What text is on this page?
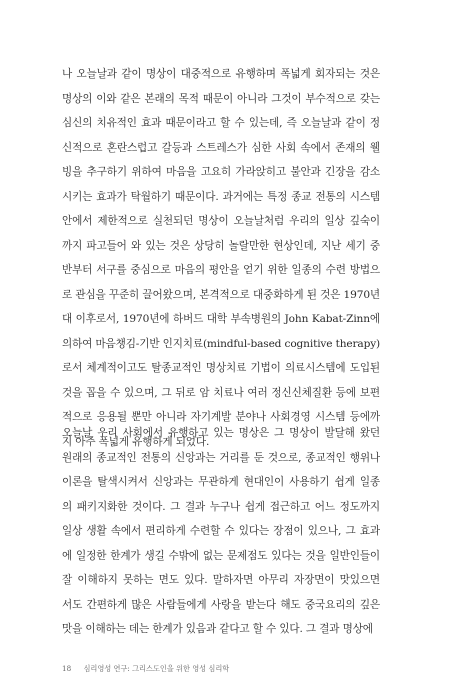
나 오늘날과 같이 명상이 대중적으로 유행하며 폭넓게 회자되는 것은
명상의 이와 같은 본래의 목적 때문이 아니라 그것이 부수적으로 갖는
심신의 치유적인 효과 때문이라고 할 수 있는데, 즉 오늘날과 같이 정
신적으로 혼란스럽고 갈등과 스트레스가 심한 사회 속에서 존재의 웰
빙을 추구하기 위하여 마음을 고요히 가라앉히고 불안과 긴장을 감소
시키는 효과가 탁월하기 때문이다. 과거에는 특정 종교 전통의 시스템
안에서 제한적으로 실천되던 명상이 오늘날처럼 우리의 일상 깊숙이
까지 파고들어 와 있는 것은 상당히 놀랄만한 현상인데, 지난 세기 중
반부터 서구를 중심으로 마음의 평안을 얻기 위한 일종의 수련 방법으
로 관심을 꾸준히 끌어왔으며, 본격적으로 대중화하게 된 것은 1970년
대 이후로서, 1970년에 하버드 대학 부속병원의 John Kabat-Zinn에
의하여 마음챙김-기반 인지치료(mindful-based cognitive therapy)
로서 체계적이고도 탈종교적인 명상치료 기법이 의료시스템에 도입된
것을 꼽을 수 있으며, 그 뒤로 암 치료나 여러 정신신체질환 등에 보편
적으로 응용될 뿐만 아니라 자기계발 분야나 사회경영 시스템 등에까
지 아주 폭넓게 유행하게 되었다.
오늘날 우리 사회에서 유행하고 있는 명상은 그 명상이 발달해 왔던
원래의 종교적인 전통의 신앙과는 거리를 둔 것으로, 종교적인 행위나
이론을 탈색시켜서 신앙과는 무관하게 현대인이 사용하기 쉽게 일종
의 패키지화한 것이다. 그 결과 누구나 쉽게 접근하고 어느 정도까지
일상 생활 속에서 편리하게 수련할 수 있다는 장점이 있으나, 그 효과
에 일정한 한계가 생길 수밖에 없는 문제점도 있다는 것을 일반인들이
잘 이해하지 못하는 면도 있다. 말하자면 아무리 자장면이 맛있으면
서도 간편하게 많은 사람들에게 사랑을 받는다 해도 중국요리의 깊은
맛을 이해하는 데는 한계가 있음과 같다고 할 수 있다. 그 결과 명상에
18 심리영성 연구: 그리스도인을 위한 영성 심리학
